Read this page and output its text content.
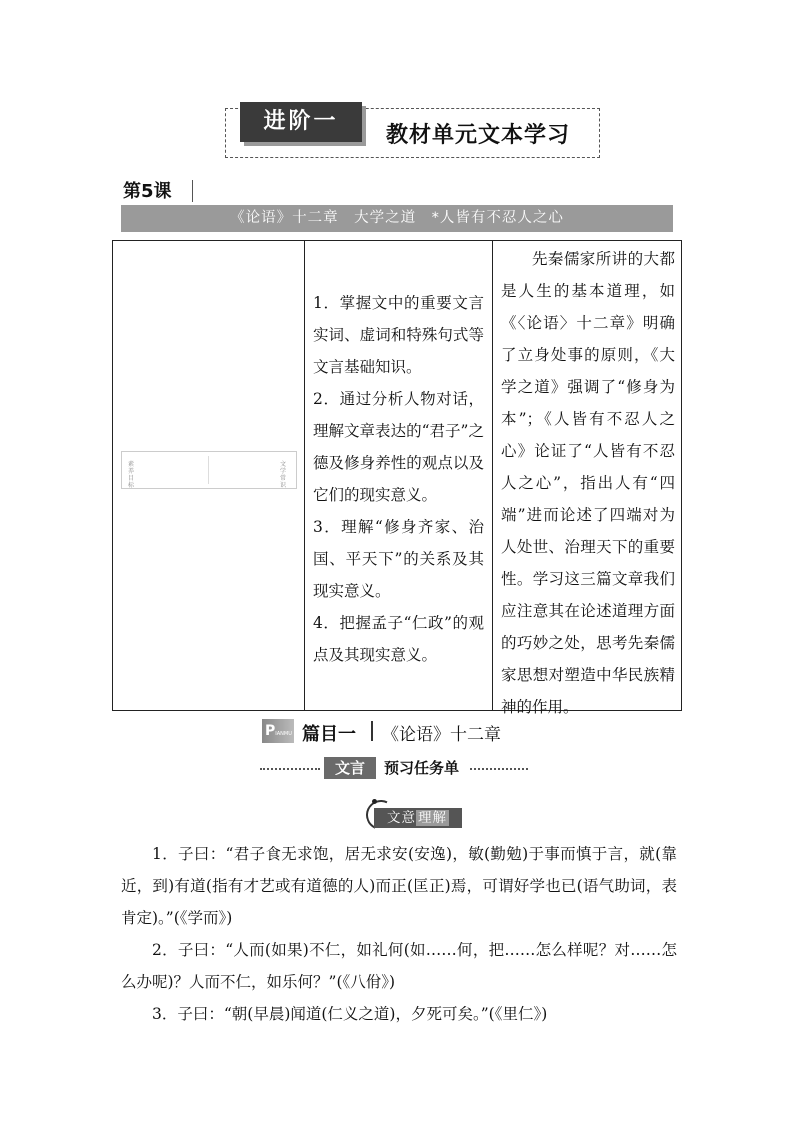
进阶一
教材单元文本学习
第5课
《论语》十二章　大学之道　*人皆有不忍人之心
素养目标
文学常识

1．掌握文中的重要文言实词、虚词和特殊句式等文言基础知识。

2．通过分析人物对话，理解文章表达的“君子”之德及修身养性的观点以及它们的现实意义。

3．理解“修身齐家、治国、平天下”的关系及其现实意义。

4．把握孟子“仁政”的观点及其现实意义。

先秦儒家所讲的大都是人生的基本道理，如《〈论语〉十二章》明确了立身处事的原则，《大学之道》强调了“修身为本”；《人皆有不忍人之心》论证了“人皆有不忍人之心”，指出人有“四端”进而论述了四端对为人处世、治理天下的重要性。学习这三篇文章我们应注意其在论述道理方面的巧妙之处，思考先秦儒家思想对塑造中华民族精神的作用。

PIANMU 篇目一 《论语》十二章
文言	预习任务单
文意 理解

1．子曰：“君子食无求饱，居无求安(安逸)，敏(勤勉)于事而慎于言，就(靠近，到)有道(指有才艺或有道德的人)而正(匡正)焉，可谓好学也已(语气助词，表肯定)。”(《学而》)

2．子曰：“人而(如果)不仁，如礼何(如……何，把……怎么样呢？对……怎么办呢)？人而不仁，如乐何？”(《八佾》)

3．子曰：“朝(早晨)闻道(仁义之道)，夕死可矣。”(《里仁》)
